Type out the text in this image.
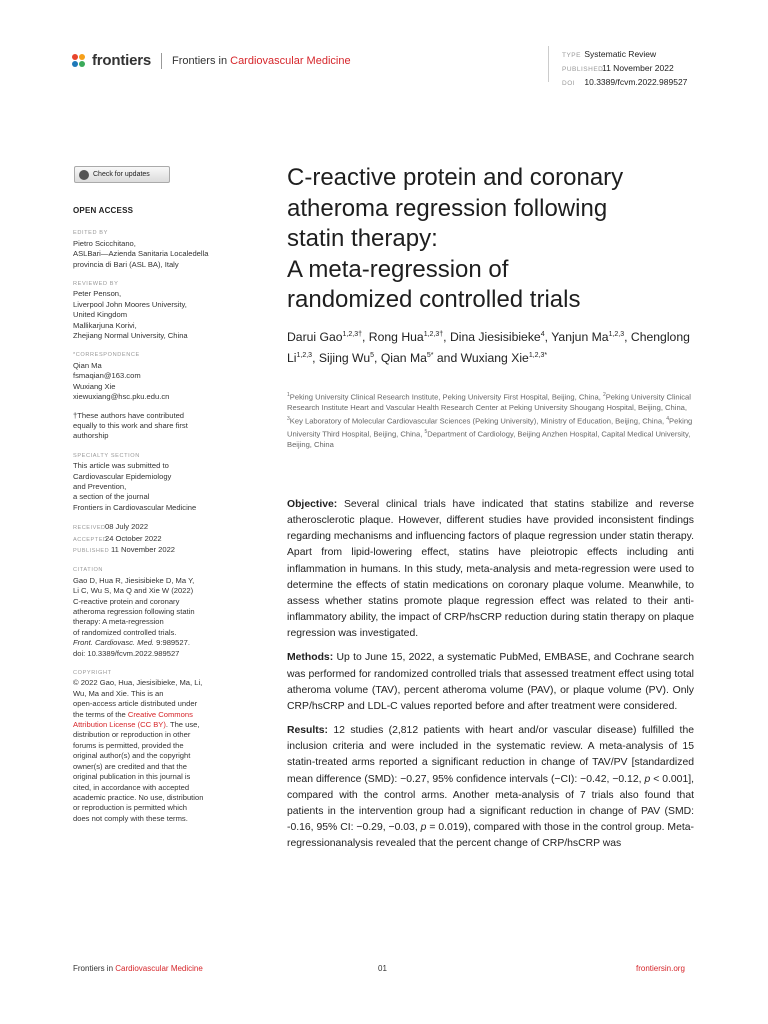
frontiers Frontiers in Cardiovascular Medicine	TYPE Systematic Review
PUBLISHED11 November 2022
DOI 10.3389/fcvm.2022.989527
Check for updates
OPEN ACCESS
EDITED BY
Pietro Scicchitano,
ASLBari—Azienda Sanitaria Localedella
provincia di Bari (ASL BA), Italy
REVIEWED BY
Peter Penson,
Liverpool John Moores University,
United Kingdom
Mallikarjuna Korivi,
Zhejiang Normal University, China
*CORRESPONDENCE
Qian Ma
fsmaqian@163.com
Wuxiang Xie
xiewuxiang@hsc.pku.edu.cn
†These authors have contributed
equally to this work and share first
authorship
SPECIALTY SECTION
This article was submitted to
Cardiovascular Epidemiology
and Prevention,
a section of the journal
Frontiers in Cardiovascular Medicine
RECEIVED08 July 2022
ACCEPTED24 October 2022
PUBLISHED 11 November 2022
CITATION
Gao D, Hua R, Jiesisibieke D, Ma Y,
Li C, Wu S, Ma Q and Xie W (2022)
C-reactive protein and coronary
atheroma regression following statin
therapy: A meta-regression
of randomized controlled trials.
Front. Cardiovasc. Med. 9:989527.
doi: 10.3389/fcvm.2022.989527
COPYRIGHT
© 2022 Gao, Hua, Jiesisibieke, Ma, Li,
Wu, Ma and Xie. This is an
open-access article distributed under
the terms of the Creative Commons
Attribution License (CC BY). The use,
distribution or reproduction in other
forums is permitted, provided the
original author(s) and the copyright
owner(s) are credited and that the
original publication in this journal is
cited, in accordance with accepted
academic practice. No use, distribution
or reproduction is permitted which
does not comply with these terms.
C-reactive protein and coronary
atheroma regression following
statin therapy:
A meta-regression of
randomized controlled trials
Darui Gao$^{1,2,3\dagger}$, Rong Hua$^{1,2,3\dagger}$, Dina Jiesisibieke$^4$, Yanjun Ma$^{1,2,3}$, Chenglong Li$^{1,2,3}$, Sijing Wu$^5$, Qian $Ma^{5*}$ and Wuxiang Xie$^{1,2,3*}$
$^1$Peking University Clinical Research Institute, Peking University First Hospital, Beijing, China, $^2$Peking University Clinical Research Institute Heart and Vascular Health Research Center at Peking University Shougang Hospital, Beijing, China, $^3$Key Laboratory of Molecular Cardiovascular Sciences (Peking University), Ministry of Education, Beijing, China, $^4$Peking University Third Hospital, Beijing, China, $^5$Department of Cardiology, Beijing Anzhen Hospital, Capital Medical University, Beijing, China

Objective: Several clinical trials have indicated that statins stabilize and reverse atherosclerotic plaque. However, different studies have provided inconsistent findings regarding mechanisms and influencing factors of plaque regression under statin therapy. Apart from lipid-lowering effect, statins have pleiotropic effects including anti inflammation in humans. In this study, meta-analysis and meta-regression were used to determine the effects of statin medications on coronary plaque volume. Meanwhile, to assess whether statins promote plaque regression effect was related to their anti-inflammatory ability, the impact of CRP/hsCRP reduction during statin therapy on plaque regression was investigated.

Methods: Up to June 15, 2022, a systematic PubMed, EMBASE, and Cochrane search was performed for randomized controlled trials that assessed treatment effect using total atheroma volume (TAV), percent atheroma volume (PAV), or plaque volume (PV). Only CRP/hsCRP and LDL-C values reported before and after treatment were considered.

Results: 12 studies (2,812 patients with heart and/or vascular disease) fulfilled the inclusion criteria and were included in the systematic review. A meta-analysis of 15 statin-treated arms reported a significant reduction in change of TAV/PV [standardized mean difference (SMD): −0.27, 95% confidence intervals (−CI): −0.42, −0.12, p < 0.001], compared with the control arms. Another meta-analysis of 7 trials also found that patients in the intervention group had a significant reduction in change of PAV (SMD: -0.16, 95% CI: −0.29, −0.03, p = 0.019), compared with those in the control group. Meta-regressionanalysis revealed that the percent change of CRP/hsCRP was

Frontiers in Cardiovascular Medicine	01	frontiersin.org
